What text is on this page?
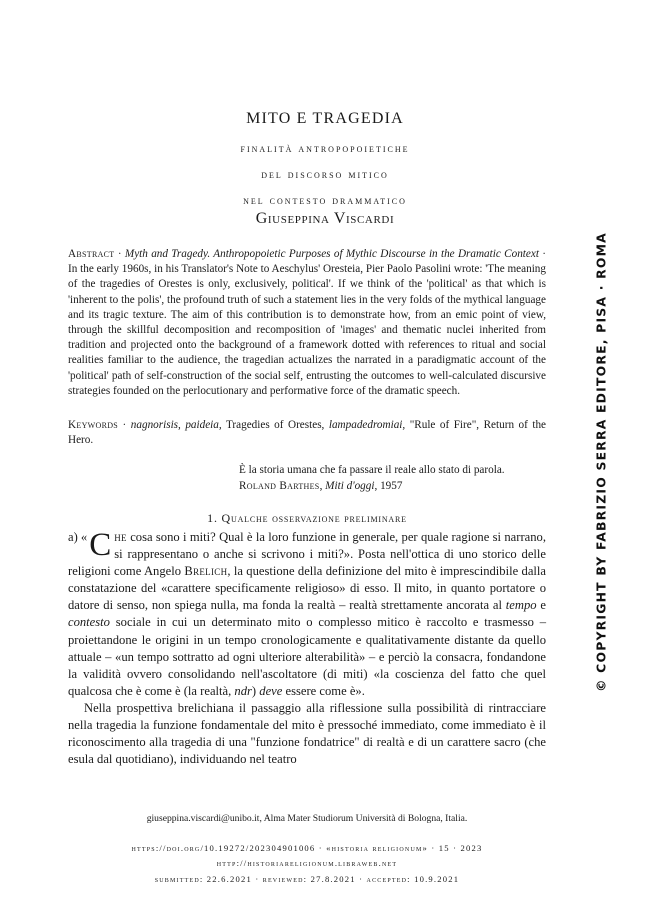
MITO E TRAGEDIA
finalità antropopoietiche
del discorso mitico
nel contesto drammatico
Giuseppina Viscardi
Abstract · Myth and Tragedy. Anthropopoietic Purposes of Mythic Discourse in the Dramatic Context · In the early 1960s, in his Translator's Note to Aeschylus' Oresteia, Pier Paolo Pasolini wrote: 'The meaning of the tragedies of Orestes is only, exclusively, political'. If we think of the 'political' as that which is 'inherent to the polis', the profound truth of such a statement lies in the very folds of the mythical language and its tragic texture. The aim of this contribution is to demonstrate how, from an emic point of view, through the skillful decomposition and recomposition of 'images' and thematic nuclei inherited from tradition and projected onto the background of a framework dotted with references to ritual and social realities familiar to the audience, the tragedian actualizes the narrated in a paradigmatic account of the 'political' path of self-construction of the social self, entrusting the outcomes to well-calculated discursive strategies founded on the perlocutionary and performative force of the dramatic speech.
Keywords · nagnorisis, paideia, Tragedies of Orestes, lampadedromiai, "Rule of Fire", Return of the Hero.
È la storia umana che fa passare il reale allo stato di parola.
Roland Barthes, Miti d'oggi, 1957
1. Qualche osservazione preliminare

a) « C he cosa sono i miti? Qual è la loro funzione in generale, per quale ragione si narrano, si rappresentano o anche si scrivono i miti?». Posta nell'ottica di uno storico delle religioni come Angelo Brelich, la questione della definizione del mito è imprescindibile dalla constatazione del «carattere specificamente religioso» di esso. Il mito, in quanto portatore o datore di senso, non spiega nulla, ma fonda la realtà – realtà strettamente ancorata al tempo e contesto sociale in cui un determinato mito o complesso mitico è raccolto e trasmesso – proiettandone le origini in un tempo cronologicamente e qualitativamente distante da quello attuale – «un tempo sottratto ad ogni ulteriore alterabilità» – e perciò la consacra, fondandone la validità ovvero consolidando nell'ascoltatore (di miti) «la coscienza del fatto che quel qualcosa che è come è (la realtà, ndr) deve essere come è».

Nella prospettiva brelichiana il passaggio alla riflessione sulla possibilità di rintracciare nella tragedia la funzione fondamentale del mito è pressoché immediato, come immediato è il riconoscimento alla tragedia di una "funzione fondatrice" di realtà e di un carattere sacro (che esula dal quotidiano), individuando nel teatro

giuseppina.viscardi@unibo.it, Alma Mater Studiorum Università di Bologna, Italia.
https://doi.org/10.19272/202304901006 · «historia religionum» · 15 · 2023
http://historiareligionum.libraweb.net
submitted: 22.6.2021 · reviewed: 27.8.2021 · accepted: 10.9.2021
© COPYRIGHT BY FABRIZIO SERRA EDITORE, PISA · ROMA
